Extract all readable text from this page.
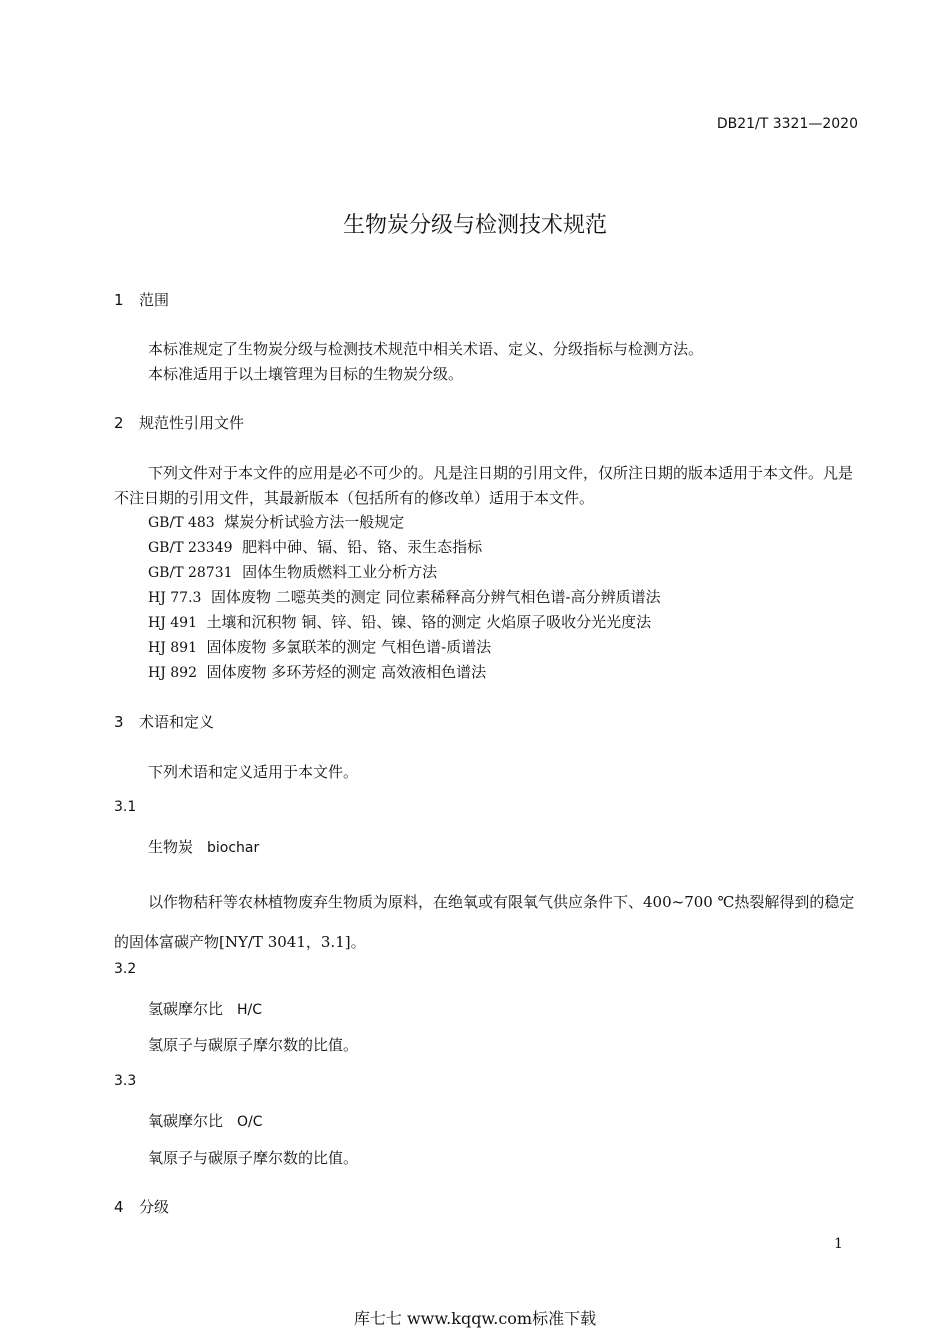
DB21/T 3321—2020
生物炭分级与检测技术规范
1 范围
本标准规定了生物炭分级与检测技术规范中相关术语、定义、分级指标与检测方法。
本标准适用于以土壤管理为目标的生物炭分级。
2 规范性引用文件
下列文件对于本文件的应用是必不可少的。凡是注日期的引用文件，仅所注日期的版本适用于本文件。凡是不注日期的引用文件，其最新版本（包括所有的修改单）适用于本文件。
GB/T 483 煤炭分析试验方法一般规定
GB/T 23349 肥料中砷、镉、铅、铬、汞生态指标
GB/T 28731 固体生物质燃料工业分析方法
HJ 77.3 固体废物 二噁英类的测定 同位素稀释高分辨气相色谱-高分辨质谱法
HJ 491 土壤和沉积物 铜、锌、铅、镍、铬的测定 火焰原子吸收分光光度法
HJ 891 固体废物 多氯联苯的测定 气相色谱-质谱法
HJ 892 固体废物 多环芳烃的测定 高效液相色谱法
3 术语和定义
下列术语和定义适用于本文件。
3.1
生物炭 biochar
以作物秸秆等农林植物废弃生物质为原料，在绝氧或有限氧气供应条件下、400~700 ℃热裂解得到的稳定的固体富碳产物[NY/T 3041，3.1]。
3.2
氢碳摩尔比 H/C
氢原子与碳原子摩尔数的比值。
3.3
氧碳摩尔比 O/C
氧原子与碳原子摩尔数的比值。
4 分级
1
库七七 www.kqqw.com标准下载
